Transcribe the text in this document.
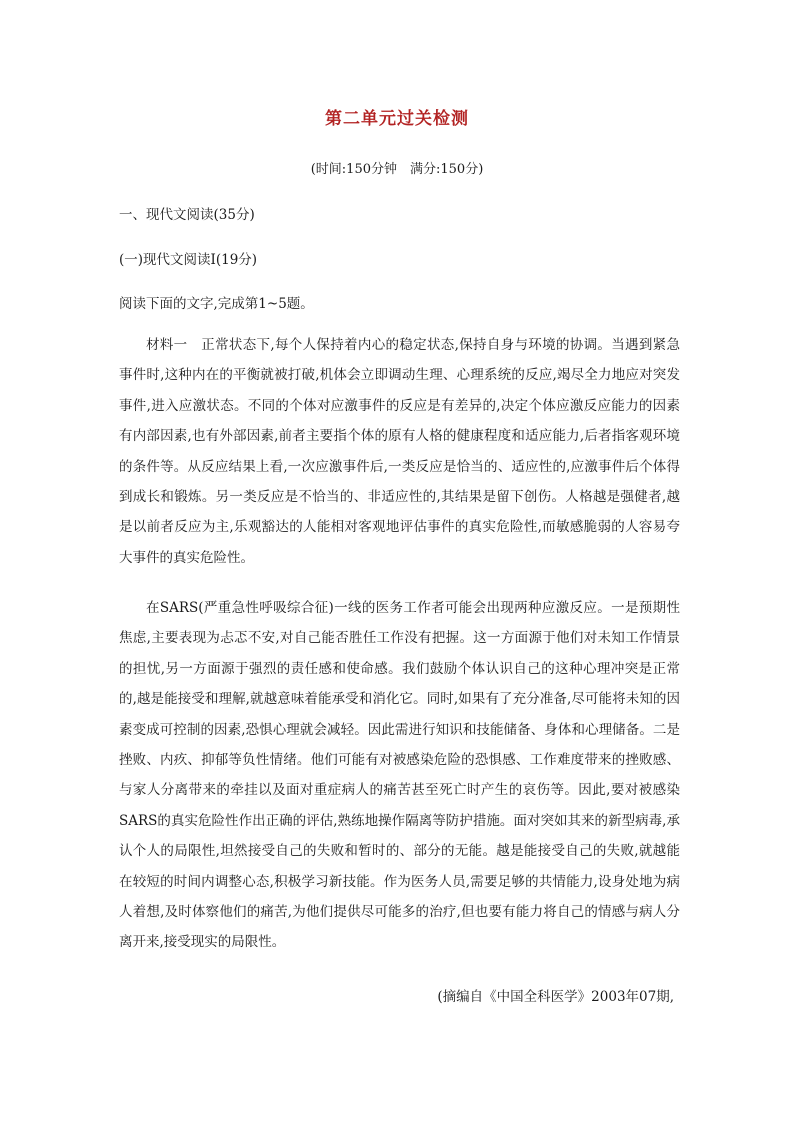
第二单元过关检测
(时间:150分钟　满分:150分)
一、现代文阅读(35分)
(一)现代文阅读Ⅰ(19分)
阅读下面的文字,完成第1~5题。
材料一　正常状态下,每个人保持着内心的稳定状态,保持自身与环境的协调。当遇到紧急事件时,这种内在的平衡就被打破,机体会立即调动生理、心理系统的反应,竭尽全力地应对突发事件,进入应激状态。不同的个体对应激事件的反应是有差异的,决定个体应激反应能力的因素有内部因素,也有外部因素,前者主要指个体的原有人格的健康程度和适应能力,后者指客观环境的条件等。从反应结果上看,一次应激事件后,一类反应是恰当的、适应性的,应激事件后个体得到成长和锻炼。另一类反应是不恰当的、非适应性的,其结果是留下创伤。人格越是强健者,越是以前者反应为主,乐观豁达的人能相对客观地评估事件的真实危险性,而敏感脆弱的人容易夸大事件的真实危险性。
在SARS(严重急性呼吸综合征)一线的医务工作者可能会出现两种应激反应。一是预期性焦虑,主要表现为忐忑不安,对自己能否胜任工作没有把握。这一方面源于他们对未知工作情景的担忧,另一方面源于强烈的责任感和使命感。我们鼓励个体认识自己的这种心理冲突是正常的,越是能接受和理解,就越意味着能承受和消化它。同时,如果有了充分准备,尽可能将未知的因素变成可控制的因素,恐惧心理就会减轻。因此需进行知识和技能储备、身体和心理储备。二是挫败、内疚、抑郁等负性情绪。他们可能有对被感染危险的恐惧感、工作难度带来的挫败感、与家人分离带来的牵挂以及面对重症病人的痛苦甚至死亡时产生的哀伤等。因此,要对被感染SARS的真实危险性作出正确的评估,熟练地操作隔离等防护措施。面对突如其来的新型病毒,承认个人的局限性,坦然接受自己的失败和暂时的、部分的无能。越是能接受自己的失败,就越能在较短的时间内调整心态,积极学习新技能。作为医务人员,需要足够的共情能力,设身处地为病人着想,及时体察他们的痛苦,为他们提供尽可能多的治疗,但也要有能力将自己的情感与病人分离开来,接受现实的局限性。
(摘编自《中国全科医学》2003年07期,
